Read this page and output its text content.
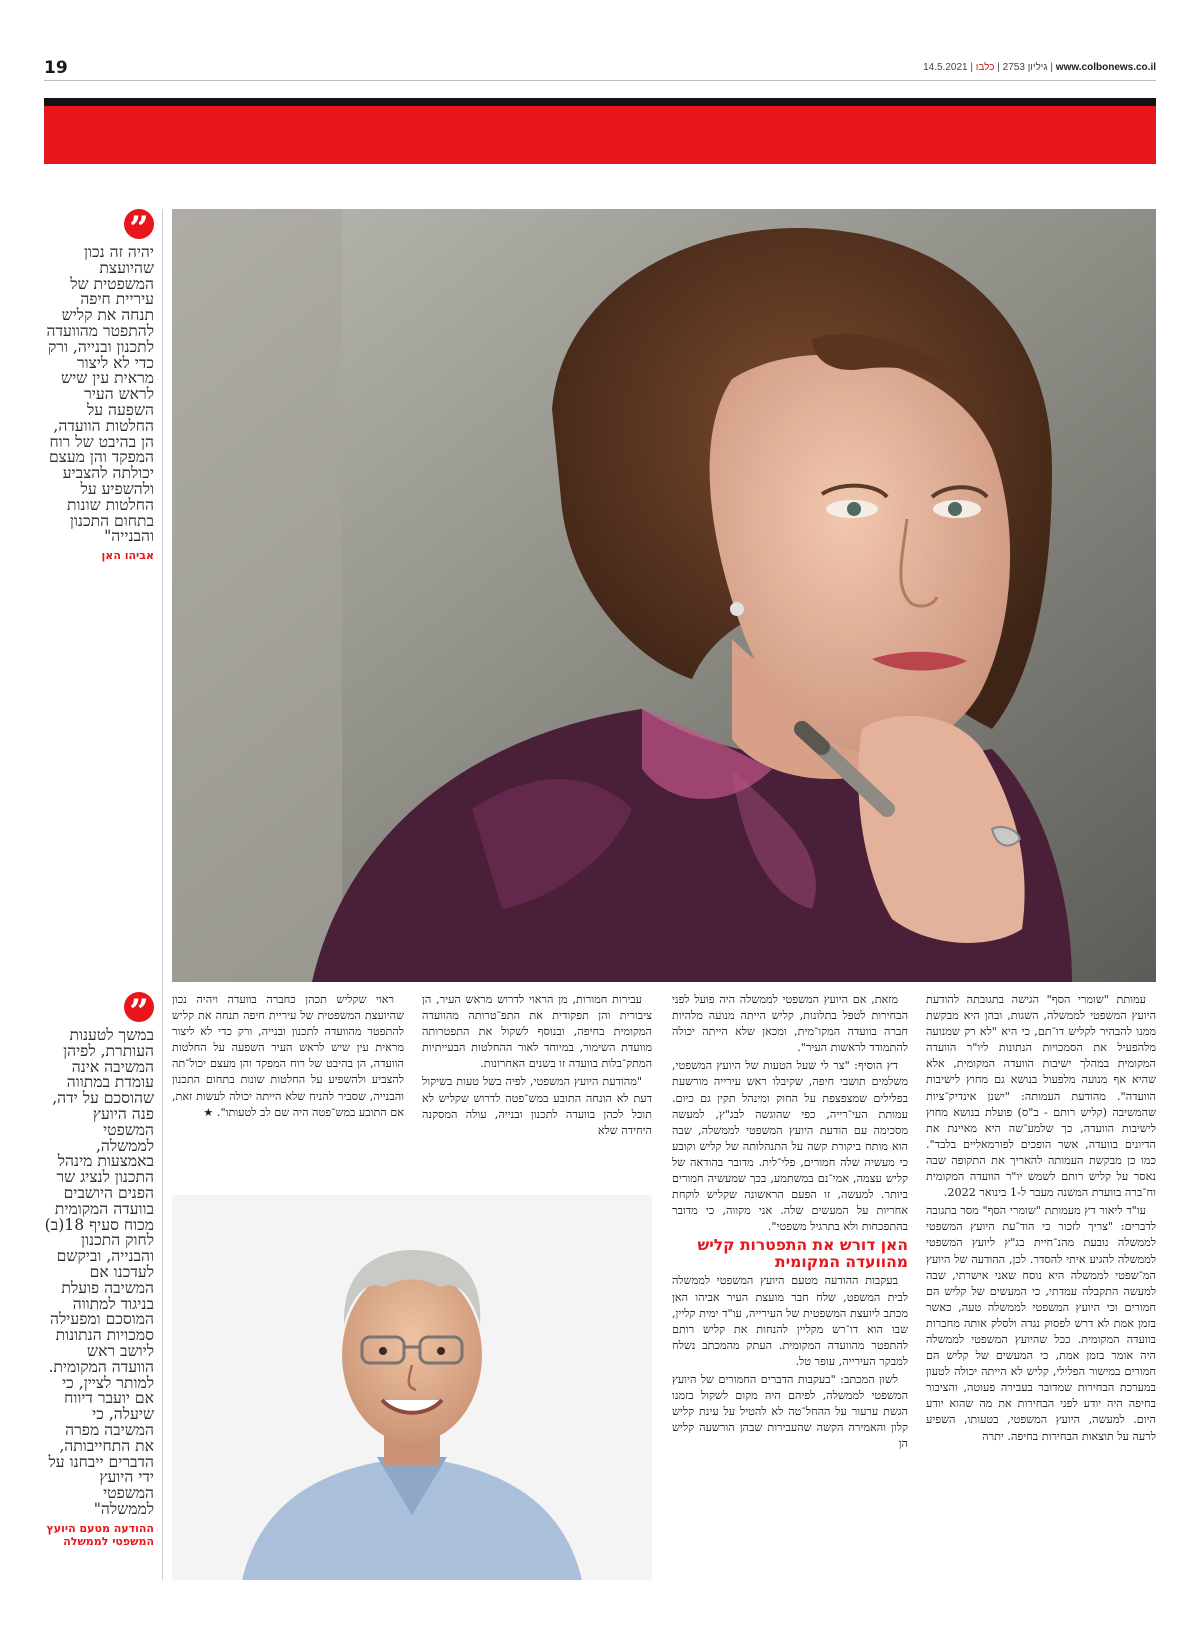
19	14.5.2021 |	גיליון 2753 | כלבו	| www.colbonews.co.il
”
יהיה זה נכון שהיועצת המשפטית של עיריית חיפה תנחה את קליש להתפטר מהוועדה לתכנון ובנייה, ורק כדי לא ליצור מראית עין שיש לראש העיר השפעה על החלטות הוועדה, הן בהיבט של רוח המפקד והן מעצם יכולתה להצביע ולהשפיע על החלטות שונות בתחום התכנון והבנייה"
אביהו האן
”
במשך לטענות העותרת, לפיהן המשיבה אינה עומדת במתווה שהוסכם על ידה, פנה היועץ המשפטי לממשלה, באמצעות מינהל התכנון לנציג שר הפנים היושבים בוועדה המקומית מכוח סעיף 18(ב) לחוק התכנון והבנייה, וביקשם לעדכנו אם המשיבה פועלת בניגוד למתווה המוסכם ומפעילה סמכויות הנתונות ליושב ראש הוועדה המקומית. למותר לציין, כי אם יועבר דיווח שיעלה, כי המשיבה מפרה את התחייבותה, הדברים ייבחנו על ידי היועץ המשפטי לממשלה"
ההודעה מטעם היועץ המשפטי לממשלה

עמותת "שומרי הסף" הגישה בתגובתה להודעת היועץ המשפטי לממשלה, השגות, ובהן היא מבקשת ממנו להבהיר לקליש דו־תם, כי היא "לא רק שמנועה מלהפעיל את הסמכויות הנתונות ליו"ר הוועדה המקומית במהלך ישיבות הוועדה המקומית, אלא שהיא אף מנועה מלפעול בנושא גם מחוץ לישיבות הוועדה". מהודעת העמותה: "ישנן אינדיק־ציות שהמשיבה (קליש רותם - ב"ס) פועלת בנושא מחוץ לישיבות הוועדה, כך שלמע־שה היא מאיינת את הדיונים בוועדה, אשר הופכים לפורמאליים בלבד". כמו כן מבקשת העמותה להאריך את התקופה שבה נאסר על קליש רותם לשמש יו"ר הוועדה המקומית וח־ברה בוועדת המשנה מעבר ל-1 בינואר 2022.

עו"ד ליאור דץ מעמותת "שומרי הסף" מסר בתגובה לדברים: "צריך לזכור כי הוד־עת היועץ המשפטי לממשלה נובעת מהנ־חיית בג"ץ ליועץ המשפטי לממשלה להגיע איתי להסדר. לכן, ההודעה של היועץ המ־שפטי לממשלה היא נוסח שאני אישרתי, שבה למעשה התקבלה עמדתי, כי המעשים של קליש הם חמורים וכי היועץ המשפטי לממשלה טעה, כאשר בזמן אמת לא דרש לפסוק נגדה ולסלק אותה מחברות בוועדה המקומית. ככל שהיועץ המשפטי לממשלה היה אומר בזמן אמת, כי המעשים של קליש הם חמורים במישור הפלילי, קליש לא הייתה יכולה לטעון במערכת הבחירות שמדובר בעבירה פעוטה, והציבור בחיפה היה יודע לפני הבחירות את מה שהוא יודע היום. למעשה, היועץ המשפטי, בטעותו, השפיע לרעה על תוצאות הבחירות בחיפה. יתרה

מזאת, אם היועץ המשפטי לממשלה היה פועל לפני הבחירות לטפל בתלונות, קליש הייתה מנועה מלהיות חברה בוועדה המקו־מית, ומכאן שלא הייתה יכולה להתמודד לראשות העיר".

דץ הוסיף: "צר לי שעל הטעות של היועץ המשפטי, משלמים תושבי חיפה, שקיבלו ראש עירייה מורשעת בפלילים שמצפצפת על החוק ומינהל תקין גם כיום. עמותת העי־רייה, כפי שהוגשה לבג"ץ, למעשה מסכימה עם הודעת היועץ המשפטי לממשלה, שבה הוא מותח ביקורת קשה על התנהלותה של קליש וקובע כי מעשיה שלה חמורים, פלי־לית. מדובר בהודאה של קליש עצמה, אמי־נם במשתמע, בכך שמעשיה חמורים ביותר. למעשה, זו הפעם הראשונה שקליש לוקחת אחריות על המעשים שלה. אני מקווה, כי מדובר בהתפכחות ולא בתרגיל משפטי".

האן דורש את התפטרות קליש מהוועדה המקומית

בעקבות ההודעה מטעם היועץ המשפטי לממשלה לבית המשפט, שלח חבר מועצת העיר אביהו האן מכתב ליועצת המשפטית של העירייה, עו"ד ימית קליין, שבו הוא דו־רש מקליין להנחות את קליש רותם להתפטר מהוועדה המקומית. העתק מהמכתב נשלח למבקר העירייה, עופר טל.

לשון המכתב: "בעקבות הדברים החמורים של היועץ המשפטי לממשלה, לפיהם היה מקום לשקול בזמנו הגשת ערעור על ההחל־טה לא להטיל על עינת קליש קלון והאמירה הקשה שהעבירות שבהן הורשעה קליש הן

עבירות חמורות, מן הראוי לדרוש מראש העיר, הן ציבורית והן תפקודית את התפ־טרותה מהוועדה המקומית בחיפה, ובנוסף לשקול את התפטרותה מוועדת השימור, במיוחד לאור ההחלטות הבעייתיות המתק־בלות בוועדה זו בשנים האחרונות.

"מהודעת היועץ המשפטי, לפיה בשל טעות בשיקול דעת לא הונחה התובע במש־פטה לדרוש שקליש לא תוכל לכהן בוועדה לתכנון ובנייה, עולה המסקנה היחידה שלא

ראוי שקליש תכהן כחברה בוועדה ויהיה נכון שהיועצת המשפטית של עיריית חיפה תנחה את קליש להתפטר מהוועדה לתכנון ובנייה, ורק כדי לא ליצור מראית עין שיש לראש העיר השפעה על החלטות הוועדה, הן בהיבט של רוח המפקד והן מעצם יכול־תה להצביע ולהשפיע על החלטות שונות בתחום התכנון והבנייה, שסביר להניח שלא הייתה יכולה לעשות זאת, אם התובע במש־פטה היה שם לב לטעותו". ★
